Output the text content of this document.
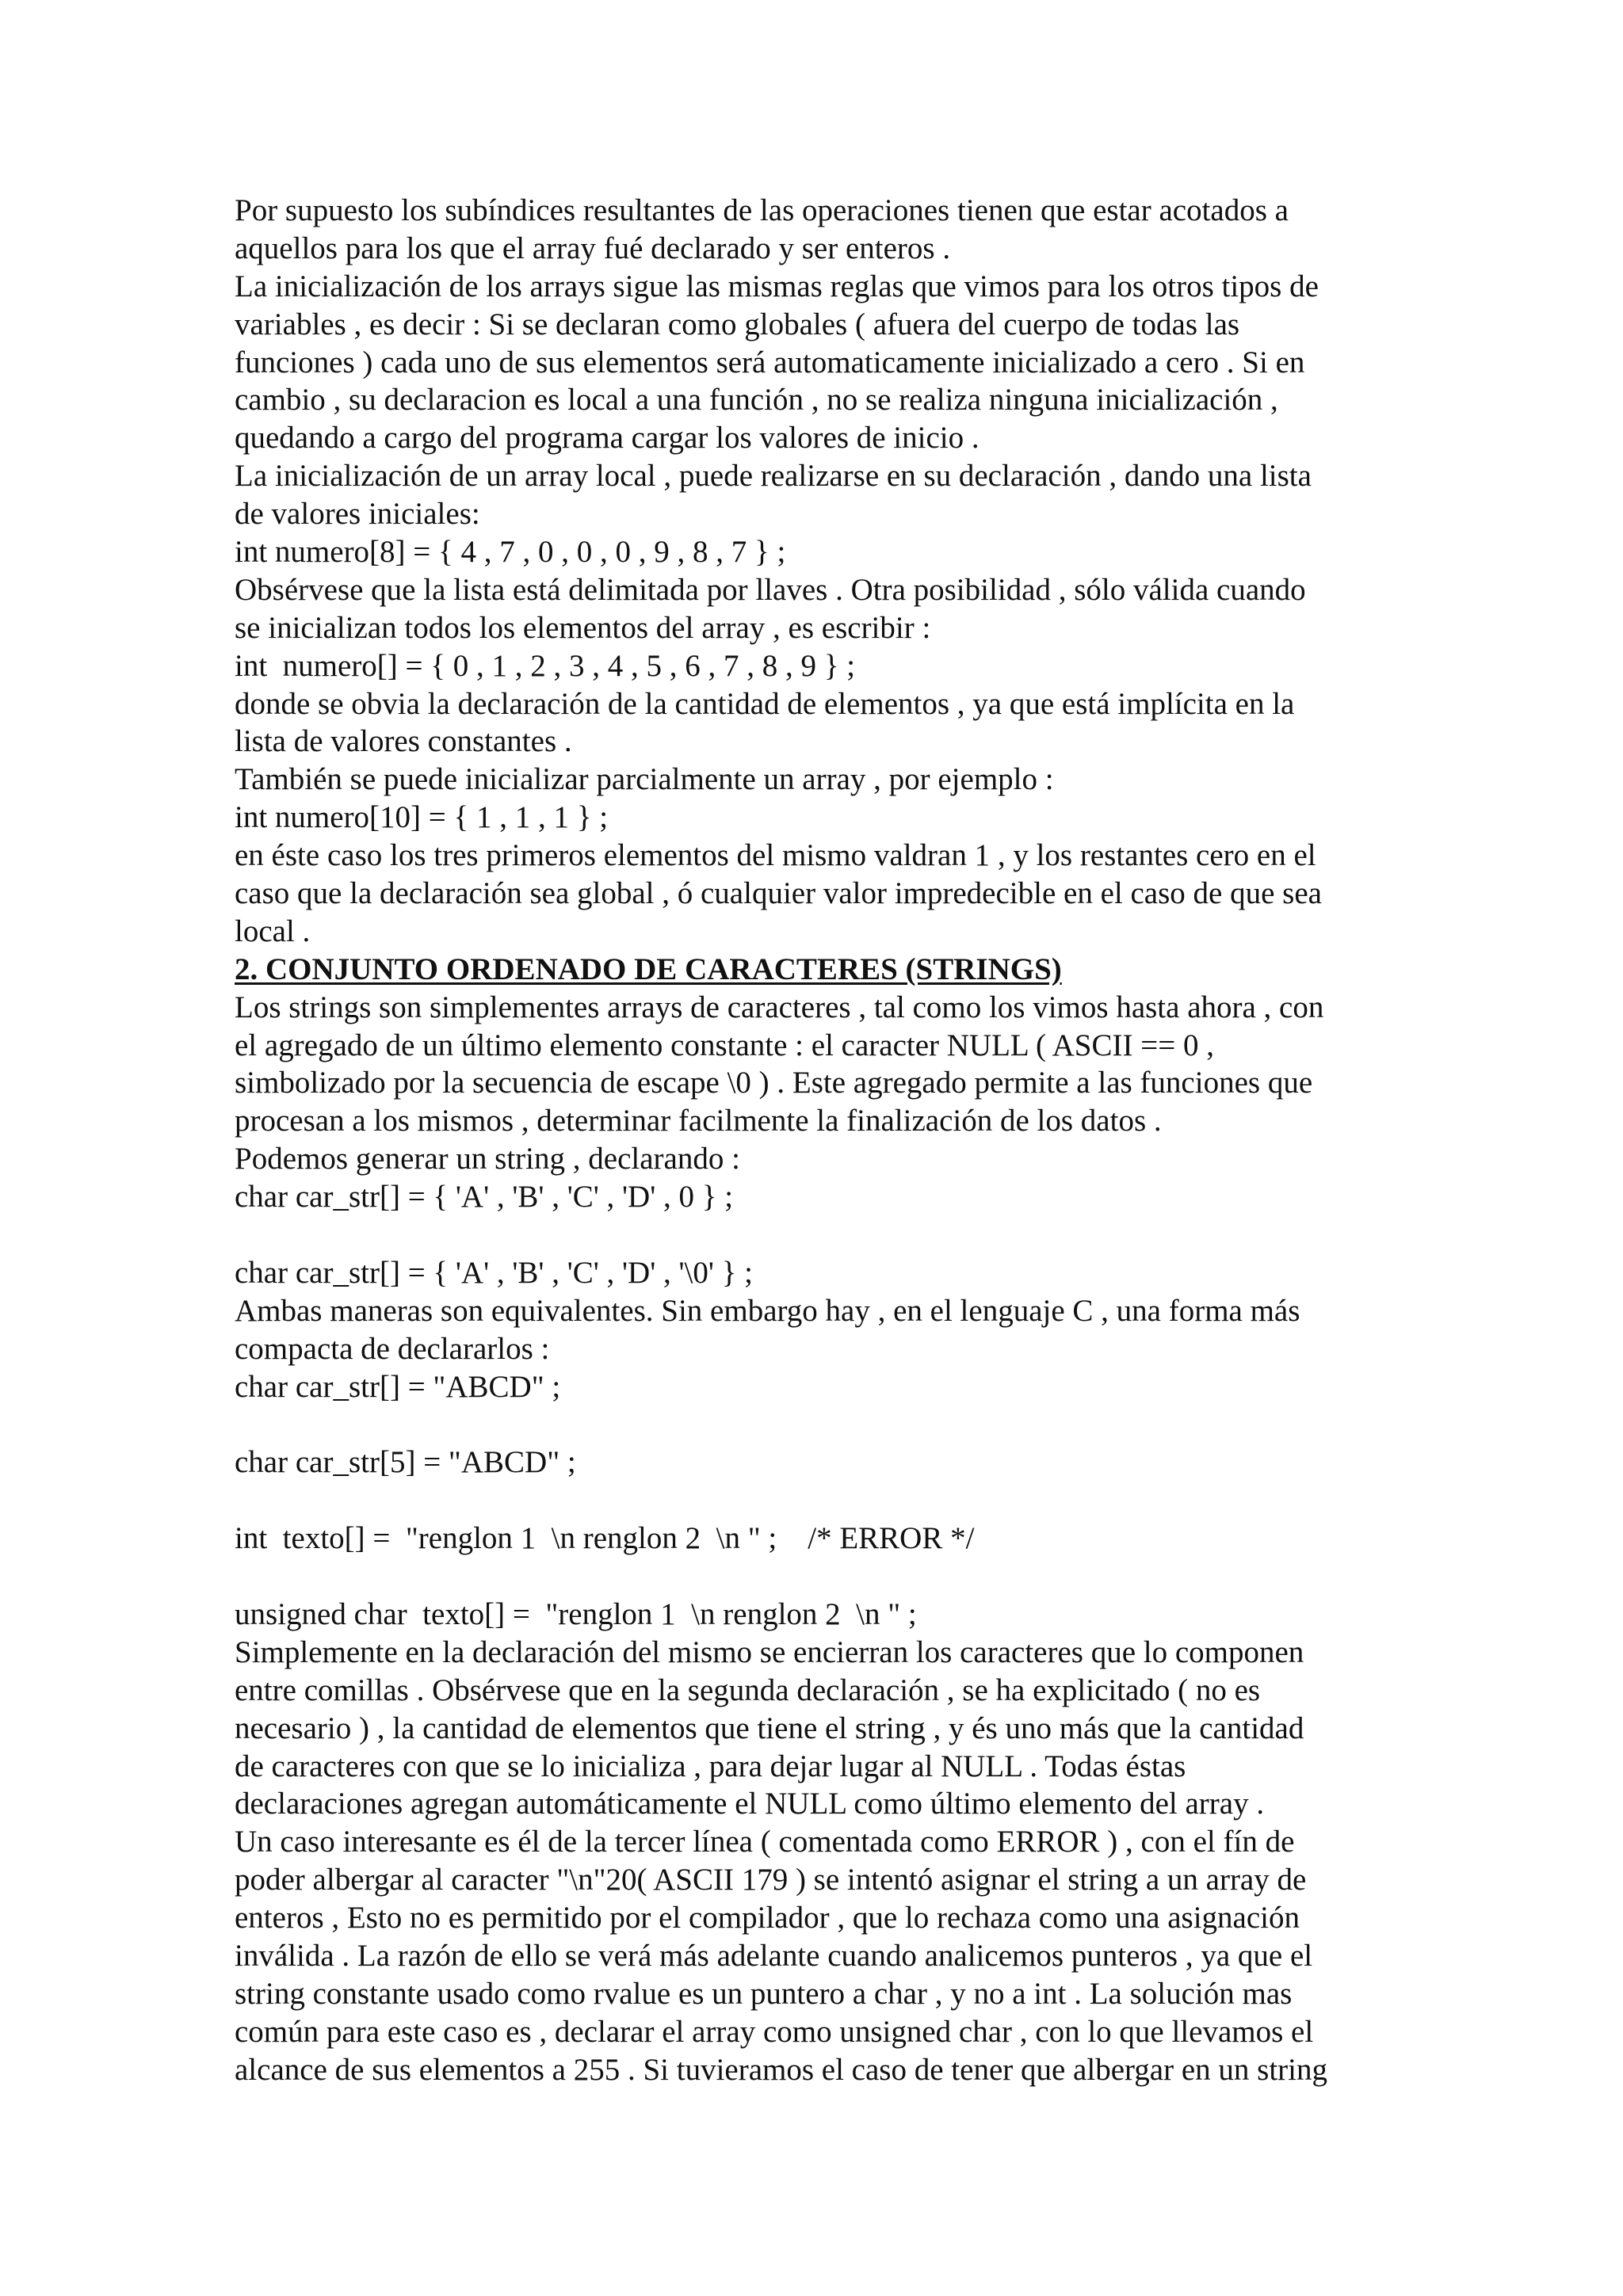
Por supuesto los subíndices resultantes de las operaciones tienen que estar acotados a
aquellos para los que el array fué declarado y ser enteros .
La inicialización de los arrays sigue las mismas reglas que vimos para los otros tipos de
variables , es decir : Si se declaran como globales ( afuera del cuerpo de todas las
funciones ) cada uno de sus elementos será automaticamente inicializado a cero . Si en
cambio , su declaracion es local a una función , no se realiza ninguna inicialización ,
quedando a cargo del programa cargar los valores de inicio .
La inicialización de un array local , puede realizarse en su declaración , dando una lista
de valores iniciales:
int numero[8] = { 4 , 7 , 0 , 0 , 0 , 9 , 8 , 7 } ;
Obsérvese que la lista está delimitada por llaves . Otra posibilidad , sólo válida cuando
se inicializan todos los elementos del array , es escribir :
int  numero[] = { 0 , 1 , 2 , 3 , 4 , 5 , 6 , 7 , 8 , 9 } ;
donde se obvia la declaración de la cantidad de elementos , ya que está implícita en la
lista de valores constantes .
También se puede inicializar parcialmente un array , por ejemplo :
int numero[10] = { 1 , 1 , 1 } ;
en éste caso los tres primeros elementos del mismo valdran 1 , y los restantes cero en el
caso que la declaración sea global , ó cualquier valor impredecible en el caso de que sea
local .
2. CONJUNTO ORDENADO DE CARACTERES (STRINGS)
Los strings son simplementes arrays de caracteres , tal como los vimos hasta ahora , con
el agregado de un último elemento constante : el caracter NULL ( ASCII == 0 ,
simbolizado por la secuencia de escape \0 ) . Este agregado permite a las funciones que
procesan a los mismos , determinar facilmente la finalización de los datos .
Podemos generar un string , declarando :
char car_str[] = { 'A' , 'B' , 'C' , 'D' , 0 } ;
char car_str[] = { 'A' , 'B' , 'C' , 'D' , '\0' } ;
Ambas maneras son equivalentes. Sin embargo hay , en el lenguaje C , una forma más
compacta de declararlos :
char car_str[] = "ABCD" ;
char car_str[5] = "ABCD" ;
int  texto[] =  "renglon 1  \n renglon 2  \n " ;    /* ERROR */
unsigned char  texto[] =  "renglon 1  \n renglon 2  \n " ;
Simplemente en la declaración del mismo se encierran los caracteres que lo componen
entre comillas . Obsérvese que en la segunda declaración , se ha explicitado ( no es
necesario ) , la cantidad de elementos que tiene el string , y és uno más que la cantidad
de caracteres con que se lo inicializa , para dejar lugar al NULL . Todas éstas
declaraciones agregan automáticamente el NULL como último elemento del array .
Un caso interesante es él de la tercer línea ( comentada como ERROR ) , con el fín de
poder albergar al caracter "\n"20( ASCII 179 ) se intentó asignar el string a un array de
enteros , Esto no es permitido por el compilador , que lo rechaza como una asignación
inválida . La razón de ello se verá más adelante cuando analicemos punteros , ya que el
string constante usado como rvalue es un puntero a char , y no a int . La solución mas
común para este caso es , declarar el array como unsigned char , con lo que llevamos el
alcance de sus elementos a 255 . Si tuvieramos el caso de tener que albergar en un string
